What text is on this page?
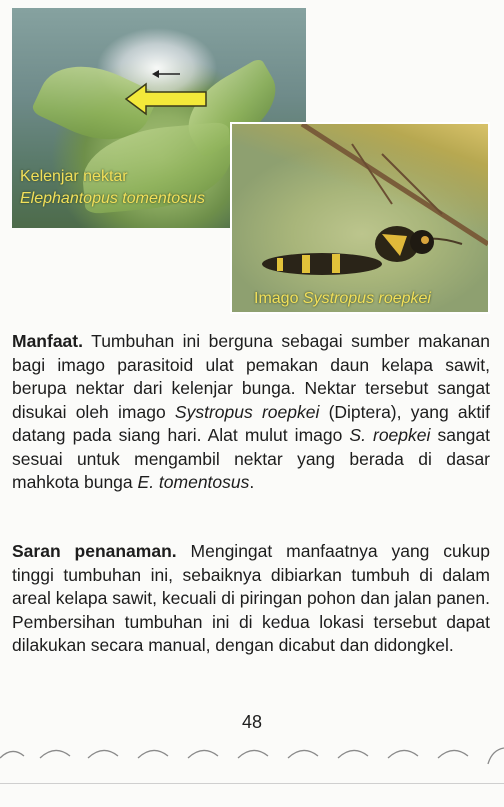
Kelenjar nektar
Elephantopus tomentosus
Imago Systropus roepkei

Manfaat. Tumbuhan ini berguna sebagai sumber makanan bagi imago parasitoid ulat pemakan daun kelapa sawit, berupa nektar dari kelenjar bunga. Nektar tersebut sangat disukai oleh imago Systropus roepkei (Diptera), yang aktif datang pada siang hari. Alat mulut imago S. roepkei sangat sesuai untuk mengambil nektar yang berada di dasar mahkota bunga E. tomentosus.

Saran penanaman. Mengingat manfaatnya yang cukup tinggi tumbuhan ini, sebaiknya dibiarkan tumbuh di dalam areal kelapa sawit, kecuali di piringan pohon dan jalan panen. Pembersihan tumbuhan ini di kedua lokasi tersebut dapat dilakukan secara manual, dengan dicabut dan didongkel.

48
